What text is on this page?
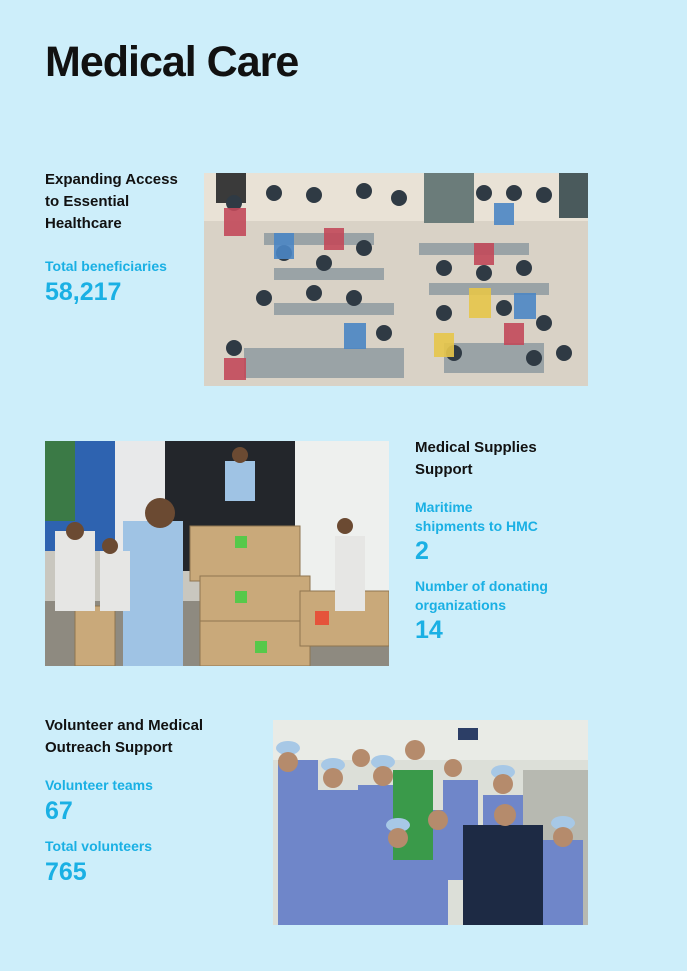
Medical Care
Expanding Access
to Essential
Healthcare
Total beneficiaries
58,217
Medical Supplies
Support
Maritime
shipments to HMC
2
Number of donating
organizations
14
Volunteer and Medical
Outreach Support
Volunteer teams
67
Total volunteers
765
